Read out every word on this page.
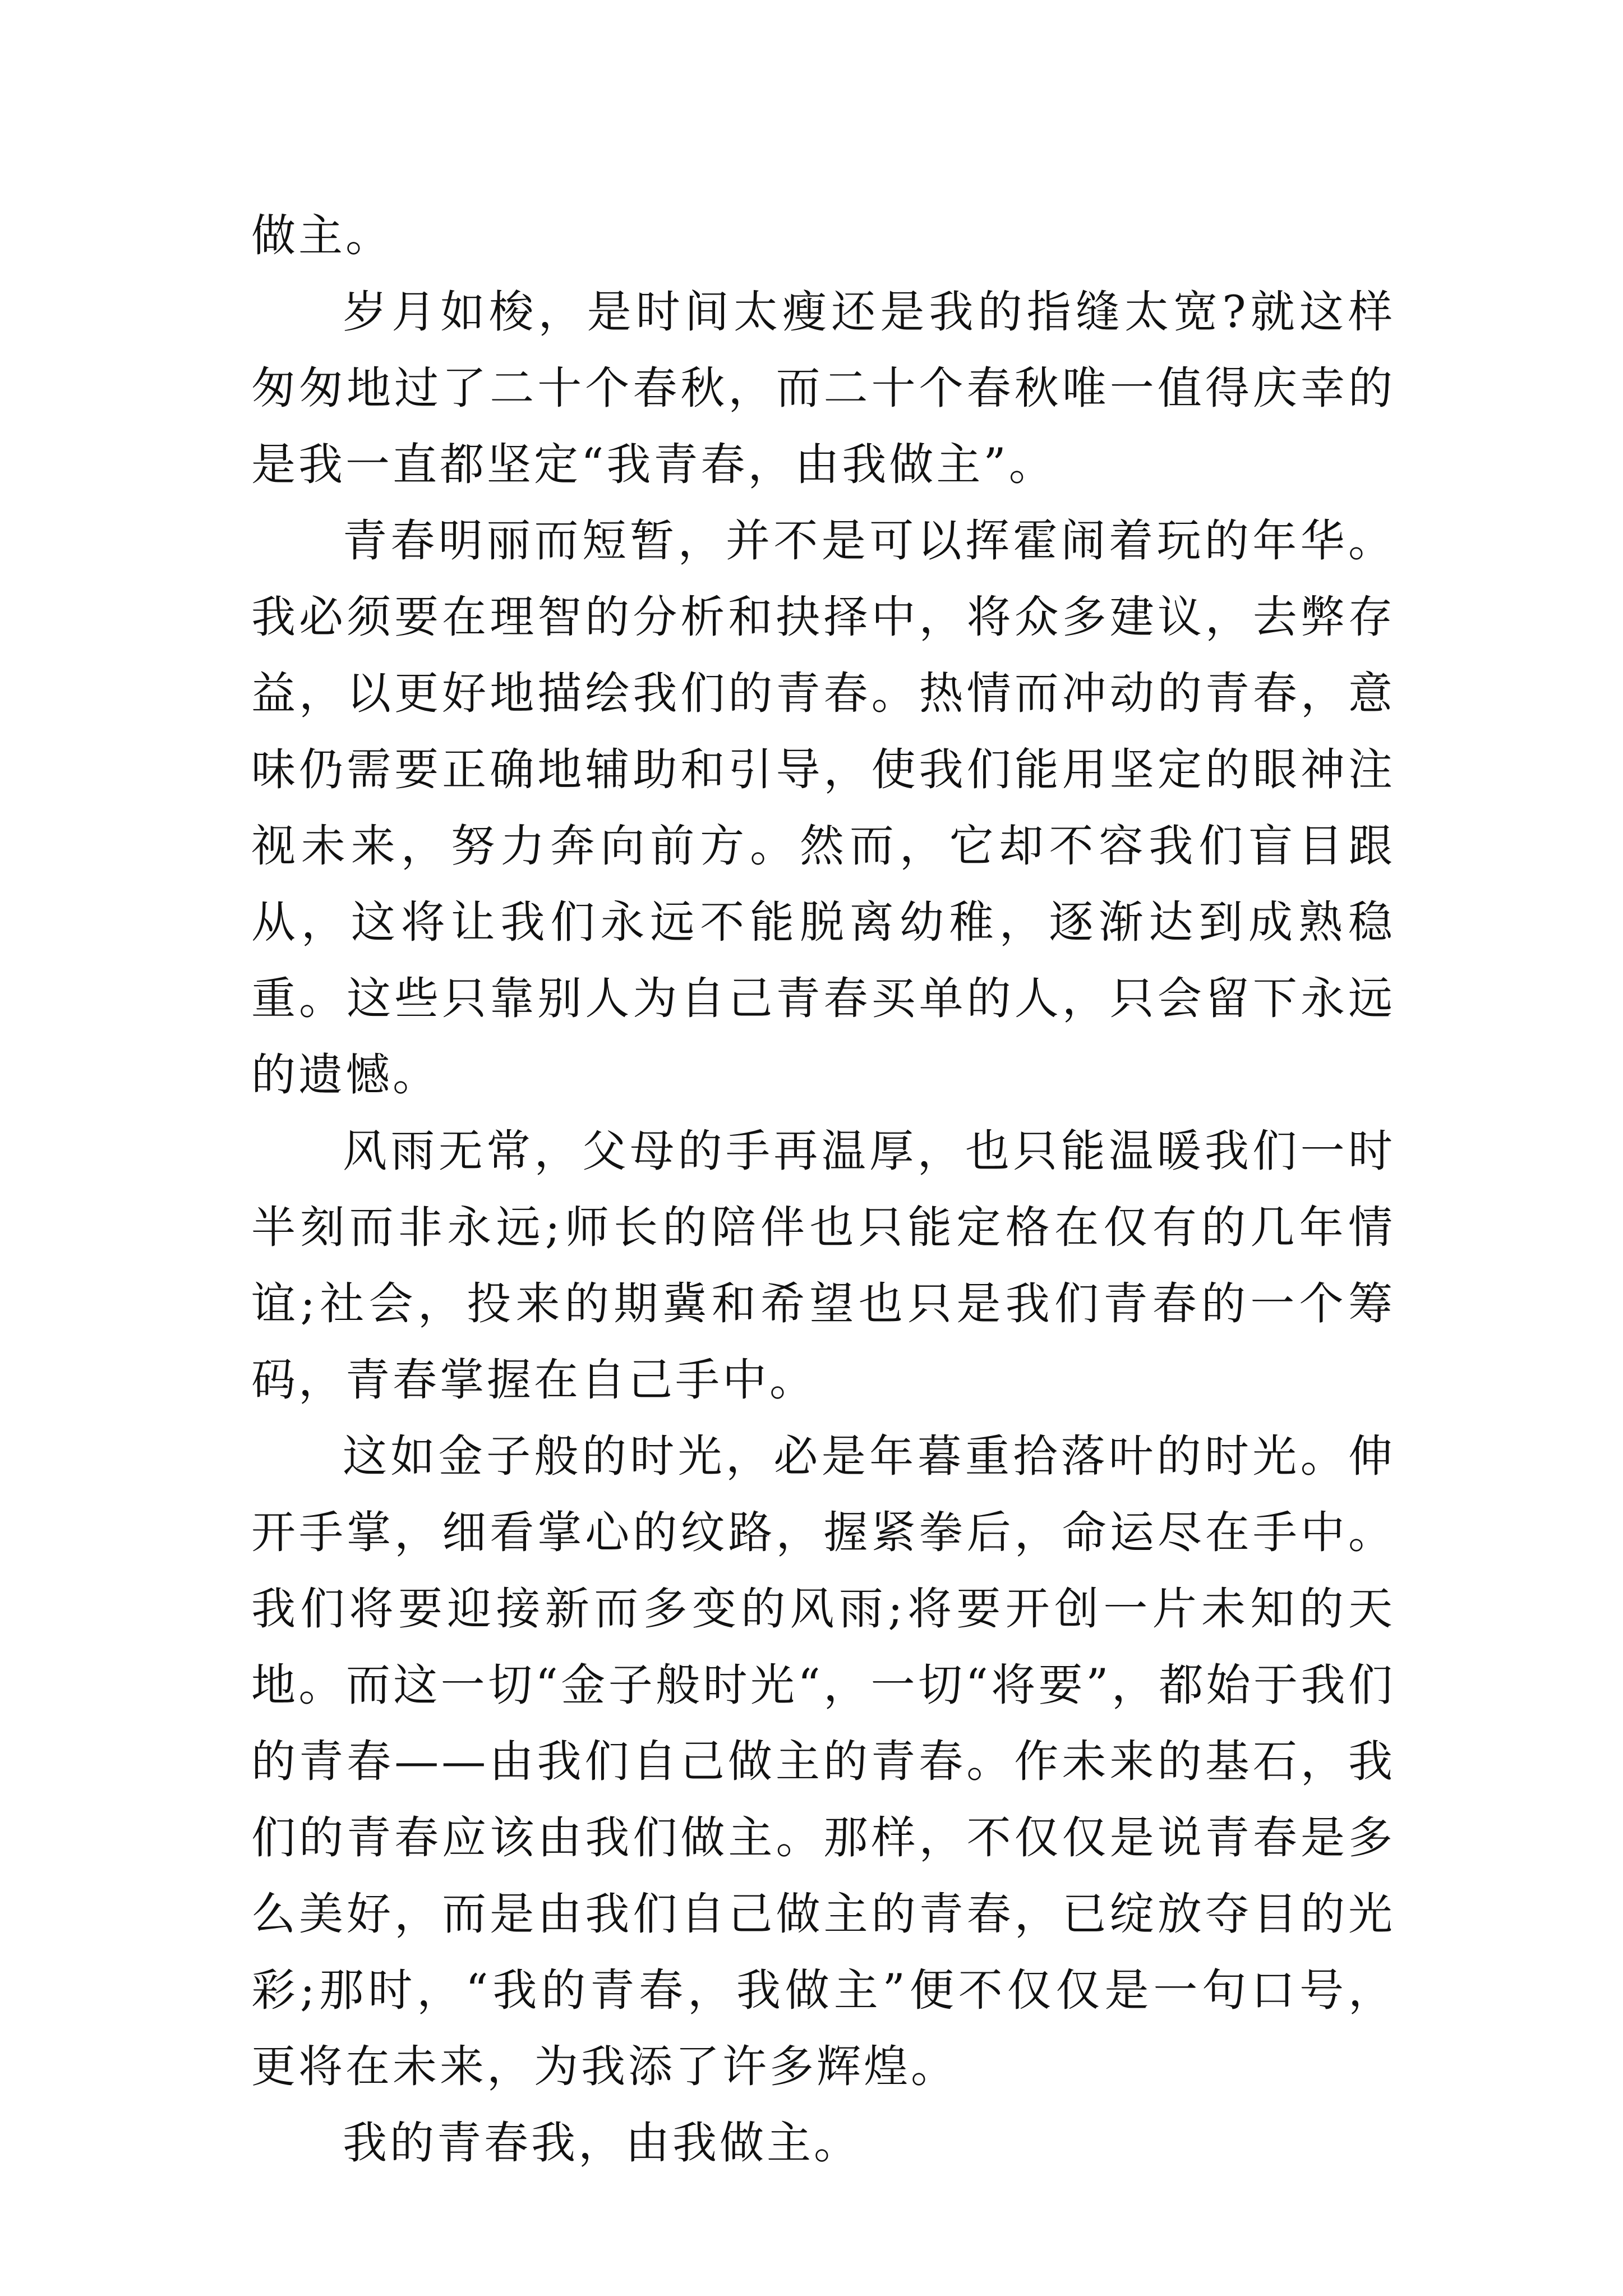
做主。

岁月如梭，是时间太瘦还是我的指缝太宽?就这样匆匆地过了二十个春秋，而二十个春秋唯一值得庆幸的是我一直都坚定“我青春，由我做主”。

青春明丽而短暂，并不是可以挥霍闹着玩的年华。我必须要在理智的分析和抉择中，将众多建议，去弊存益，以更好地描绘我们的青春。热情而冲动的青春，意味仍需要正确地辅助和引导，使我们能用坚定的眼神注视未来，努力奔向前方。然而，它却不容我们盲目跟从，这将让我们永远不能脱离幼稚，逐渐达到成熟稳重。这些只靠别人为自己青春买单的人，只会留下永远的遗憾。

风雨无常，父母的手再温厚，也只能温暖我们一时半刻而非永远;师长的陪伴也只能定格在仅有的几年情谊;社会，投来的期冀和希望也只是我们青春的一个筹码，青春掌握在自己手中。

这如金子般的时光，必是年暮重拾落叶的时光。伸开手掌，细看掌心的纹路，握紧拳后，命运尽在手中。我们将要迎接新而多变的风雨;将要开创一片未知的天地。而这一切“金子般时光“，一切“将要”，都始于我们的青春——由我们自己做主的青春。作未来的基石，我们的青春应该由我们做主。那样，不仅仅是说青春是多么美好，而是由我们自己做主的青春，已绽放夺目的光彩;那时，“我的青春，我做主”便不仅仅是一句口号，更将在未来，为我添了许多辉煌。

我的青春我，由我做主。
